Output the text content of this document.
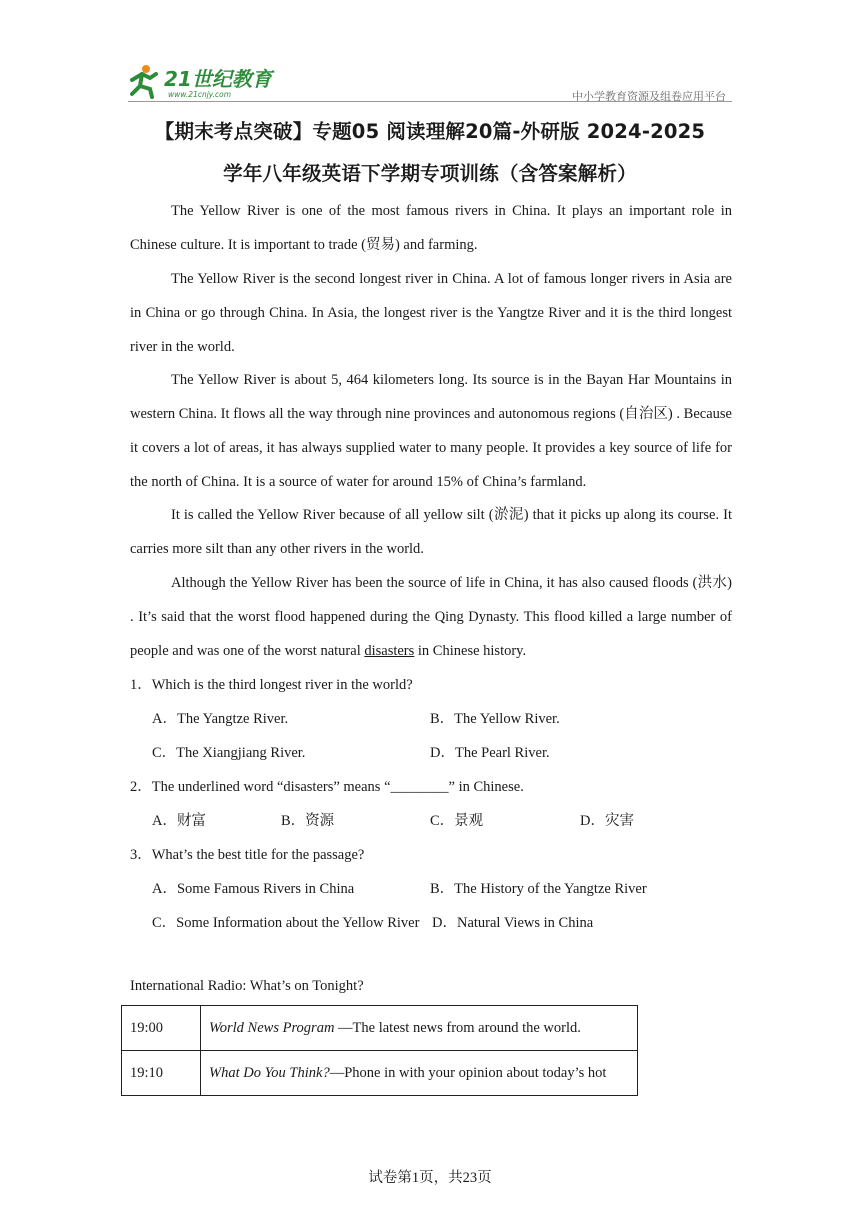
21世纪教育
www.21cnjy.com	中小学教育资源及组卷应用平台
【期末考点突破】专题05 阅读理解20篇-外研版 2024-2025
学年八年级英语下学期专项训练（含答案解析）
The Yellow River is one of the most famous rivers in China. It plays an important role in Chinese culture. It is important to trade (贸易) and farming.
The Yellow River is the second longest river in China. A lot of famous longer rivers in Asia are in China or go through China. In Asia, the longest river is the Yangtze River and it is the third longest river in the world.
The Yellow River is about 5, 464 kilometers long. Its source is in the Bayan Har Mountains in western China. It flows all the way through nine provinces and autonomous regions (自治区) . Because it covers a lot of areas, it has always supplied water to many people. It provides a key source of life for the north of China. It is a source of water for around 15% of China’s farmland.
It is called the Yellow River because of all yellow silt (淤泥) that it picks up along its course. It carries more silt than any other rivers in the world.
Although the Yellow River has been the source of life in China, it has also caused floods (洪水) . It’s said that the worst flood happened during the Qing Dynasty. This flood killed a large number of people and was one of the worst natural disasters in Chinese history.
1．Which is the third longest river in the world?
A．The Yangtze River.	B．The Yellow River.
C．The Xiangjiang River.	D．The Pearl River.
2．The underlined word “disasters” means “________” in Chinese.
A．财富	B．资源	C．景观	D．灾害
3．What’s the best title for the passage?
A．Some Famous Rivers in China	B．The History of the Yangtze River
C．Some Information about the Yellow River D．Natural Views in China
International Radio: What’s on Tonight?
19:00	World News Program —The latest news from around the world.
19:10	What Do You Think?—Phone in with your opinion about today’s hot
试卷第1页，共23页
